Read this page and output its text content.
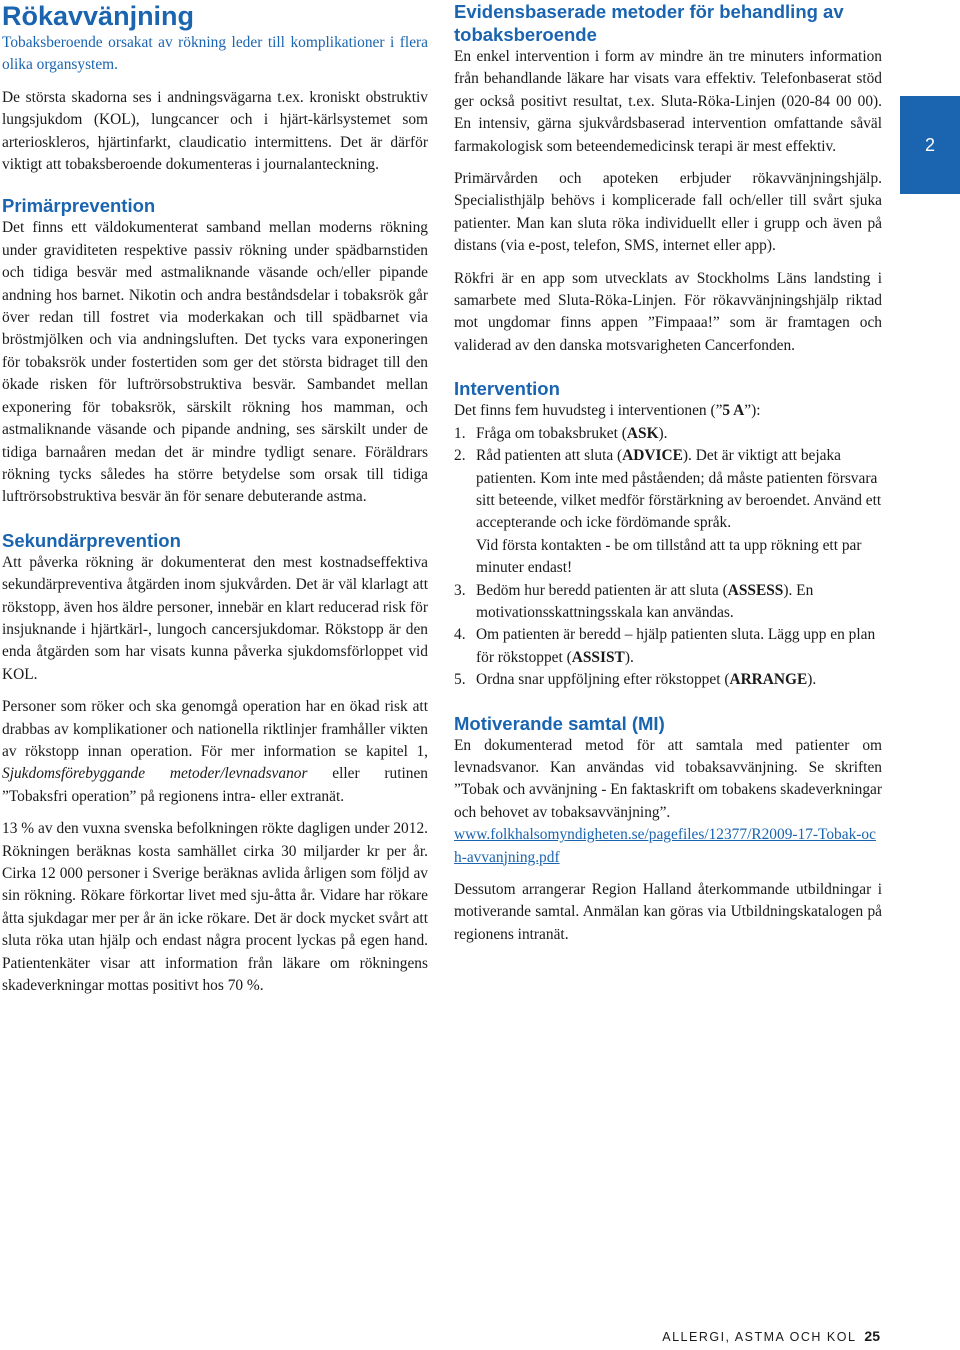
Rökavvänjning

Tobaksberoende orsakat av rökning leder till komplikationer i flera olika organsystem.

De största skadorna ses i andningsvägarna t.ex. kroniskt obstruktiv lungsjukdom (KOL), lungcancer och i hjärt-kärlsystemet som arterioskleros, hjärtinfarkt, claudicatio intermittens. Det är därför viktigt att tobaksberoende dokumenteras i journalanteckning.

Primärprevention

Det finns ett väldokumenterat samband mellan moderns rökning under graviditeten respektive passiv rökning under spädbarnstiden och tidiga besvär med astmaliknande väsande och/eller pipande andning hos barnet. Nikotin och andra beståndsdelar i tobaksrök går över redan till fostret via moderkakan och till spädbarnet via bröstmjölken och via andningsluften. Det tycks vara exponeringen för tobaksrök under fostertiden som ger det största bidraget till den ökade risken för luftrörsobstruktiva besvär. Sambandet mellan exponering för tobaksrök, särskilt rökning hos mamman, och astmaliknande väsande och pipande andning, ses särskilt under de tidiga barnaåren medan det är mindre tydligt senare. Föräldrars rökning tycks således ha större betydelse som orsak till tidiga luftrörsobstruktiva besvär än för senare debuterande astma.

Sekundärprevention

Att påverka rökning är dokumenterat den mest kostnadseffektiva sekundärpreventiva åtgärden inom sjukvården. Det är väl klarlagt att rökstopp, även hos äldre personer, innebär en klart reducerad risk för insjuknande i hjärtkärl-, lungoch cancersjukdomar. Rökstopp är den enda åtgärden som har visats kunna påverka sjukdomsförloppet vid KOL.

Personer som röker och ska genomgå operation har en ökad risk att drabbas av komplikationer och nationella riktlinjer framhåller vikten av rökstopp innan operation. För mer information se kapitel 1, Sjukdomsförebyggande metoder/levnadsvanor eller rutinen ”Tobaksfri operation” på regionens intra- eller extranät.

13 % av den vuxna svenska befolkningen rökte dagligen under 2012. Rökningen beräknas kosta samhället cirka 30 miljarder kr per år. Cirka 12 000 personer i Sverige beräknas avlida årligen som följd av sin rökning. Rökare förkortar livet med sju-åtta år. Vidare har rökare åtta sjukdagar mer per år än icke rökare. Det är dock mycket svårt att sluta röka utan hjälp och endast några procent lyckas på egen hand. Patientenkäter visar att information från läkare om rökningens skadeverkningar mottas positivt hos 70 %.

Evidensbaserade metoder för behandling av tobaksberoende

En enkel intervention i form av mindre än tre minuters information från behandlande läkare har visats vara effektiv. Telefonbaserat stöd ger också positivt resultat, t.ex. Sluta-Röka-Linjen (020-84 00 00). En intensiv, gärna sjukvårdsbaserad intervention omfattande såväl farmakologisk som beteendemedicinsk terapi är mest effektiv.

Primärvården och apoteken erbjuder rökavvänjningshjälp. Specialisthjälp behövs i komplicerade fall och/eller till svårt sjuka patienter. Man kan sluta röka individuellt eller i grupp och även på distans (via e-post, telefon, SMS, internet eller app).

Rökfri är en app som utvecklats av Stockholms Läns landsting i samarbete med Sluta-Röka-Linjen. För rökavvänjningshjälp riktad mot ungdomar finns appen ”Fimpaaa!” som är framtagen och validerad av den danska motsvarigheten Cancerfonden.

Intervention

Det finns fem huvudsteg i interventionen (”5 A”):

1. Fråga om tobaksbruket (ASK).

2. Råd patienten att sluta (ADVICE). Det är viktigt att bejaka patienten. Kom inte med påståenden; då måste patienten försvara sitt beteende, vilket medför förstärkning av beroendet. Använd ett accepterande och icke fördömande språk.

Vid första kontakten - be om tillstånd att ta upp rökning ett par minuter endast!

3. Bedöm hur beredd patienten är att sluta (ASSESS). En motivationsskattningsskala kan användas.

4. Om patienten är beredd – hjälp patienten sluta. Lägg upp en plan för rökstoppet (ASSIST).

5. Ordna snar uppföljning efter rökstoppet (ARRANGE).

Motiverande samtal (MI)

En dokumenterad metod för att samtala med patienter om levnadsvanor. Kan användas vid tobaksavvänjning. Se skriften ”Tobak och avvänjning - En faktaskrift om tobakens skadeverkningar och behovet av tobaksavvänjning”.

www.folkhalsomyndigheten.se/pagefiles/12377/R2009-17-Tobak-och-avvanjning.pdf

Dessutom arrangerar Region Halland återkommande utbildningar i motiverande samtal. Anmälan kan göras via Utbildningskatalogen på regionens intranät.

2
ALLERGI, ASTMA OCH KOL 25
